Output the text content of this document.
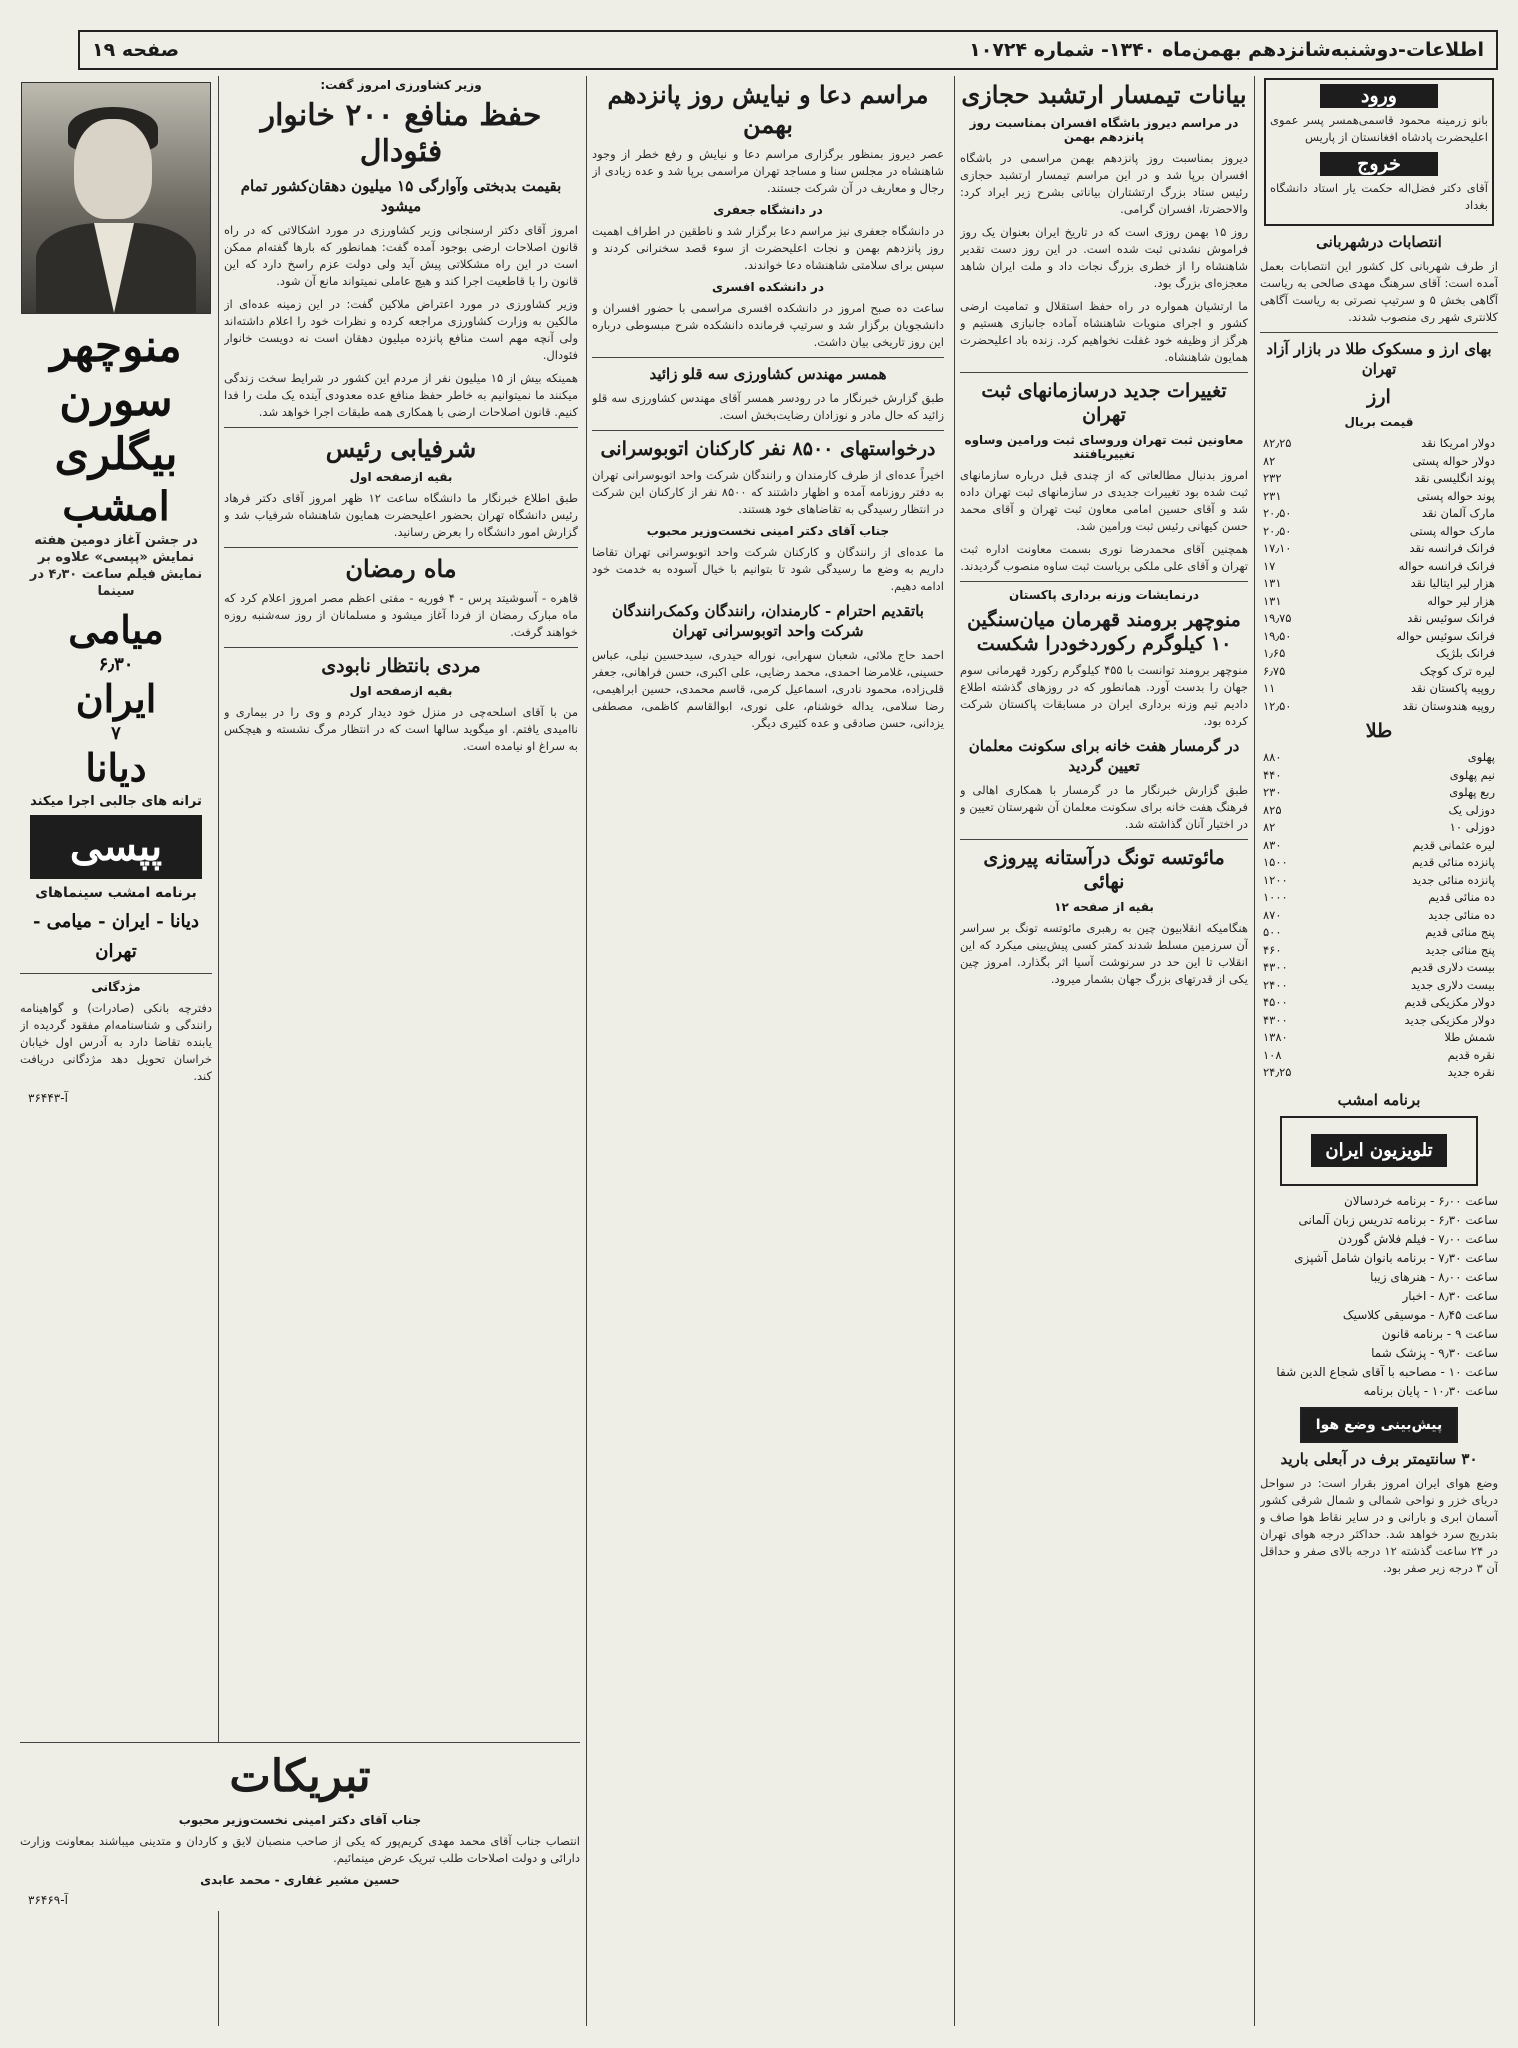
اطلاعات-دوشنبه‌شانزدهم بهمن‌ماه ۱۳۴۰- شماره ۱۰۷۲۴
صفحه ۱۹
ورود

بانو زرمینه محمود قاسمی‌همسر پسر عموی اعلیحضرت پادشاه افغانستان از پاریس

خروج

آقای دکتر فضل‌اله حکمت یار استاد دانشگاه بغداد

انتصابات درشهربانی

از طرف شهربانی کل کشور این انتصابات بعمل آمده است: آقای سرهنگ مهدی صالحی به ریاست آگاهی بخش ۵ و سرتیپ نصرتی به ریاست آگاهی کلانتری شهر ری منصوب شدند.

بهای ارز و مسکوک طلا در بازار آزاد تهران
ارز
قیمت بریال
دولار امریکا نقد	۸۲٫۲۵
دولار حواله پستی	۸۲
پوند انگلیسی نقد	۲۳۲
پوند حواله پستی	۲۳۱
مارک آلمان نقد	۲۰٫۵۰
مارک حواله پستی	۲۰٫۵۰
فرانک فرانسه نقد	۱۷٫۱۰
فرانک فرانسه حواله	۱۷
هزار لیر ایتالیا نقد	۱۳۱
هزار لیر حواله	۱۳۱
فرانک سوئیس نقد	۱۹٫۷۵
فرانک سوئیس حواله	۱۹٫۵۰
فرانک بلژیک	۱٫۶۵
لیره ترک کوچک	۶٫۷۵
روپیه پاکستان نقد	۱۱
روپیه هندوستان نقد	۱۲٫۵۰
طلا
پهلوی	۸۸۰
نیم پهلوی	۴۴۰
ربع پهلوی	۲۳۰
دوزلی یک	۸۲۵
دوزلی ۱۰	۸۲
لیره عثمانی قدیم	۸۳۰
پانزده منائی قدیم	۱۵۰۰
پانزده منائی جدید	۱۲۰۰
ده منائی قدیم	۱۰۰۰
ده منائی جدید	۸۷۰
پنج منائی قدیم	۵۰۰
پنج منائی جدید	۴۶۰
بیست دلاری قدیم	۴۳۰۰
بیست دلاری جدید	۲۴۰۰
دولار مکزیکی قدیم	۴۵۰۰
دولار مکزیکی جدید	۴۳۰۰
شمش طلا	۱۳۸۰
نقره قدیم	۱۰۸
نقره جدید	۲۴٫۲۵
برنامه امشب
تلویزیون ایران
ساعت ۶٫۰۰ - برنامه خردسالان
ساعت ۶٫۳۰ - برنامه تدریس زبان آلمانی
ساعت ۷٫۰۰ - فیلم فلاش گوردن
ساعت ۷٫۳۰ - برنامه بانوان شامل آشپزی
ساعت ۸٫۰۰ - هنرهای زیبا
ساعت ۸٫۳۰ - اخبار
ساعت ۸٫۴۵ - موسیقی کلاسیک
ساعت ۹ - برنامه قانون
ساعت ۹٫۳۰ - پزشک شما
ساعت ۱۰ - مصاحبه با آقای شجاع الدین شفا
ساعت ۱۰٫۳۰ - پایان برنامه
پیش‌بینی وضع هوا
۳۰ سانتیمتر برف در آبعلی بارید

وضع هوای ایران امروز بقرار است: در سواحل دریای خزر و نواحی شمالی و شمال شرقی کشور آسمان ابری و بارانی و در سایر نقاط هوا صاف و بتدریج سرد خواهد شد. حداکثر درجه هوای تهران در ۲۴ ساعت گذشته ۱۲ درجه بالای صفر و حداقل آن ۳ درجه زیر صفر بود.

بیانات تیمسار ارتشبد حجازی
در مراسم دیروز باشگاه افسران بمناسبت روز پانزدهم بهمن

دیروز بمناسبت روز پانزدهم بهمن مراسمی در باشگاه افسران برپا شد و در این مراسم تیمسار ارتشبد حجازی رئیس ستاد بزرگ ارتشتاران بیاناتی بشرح زیر ایراد کرد: والاحضرتا، افسران گرامی.

روز ۱۵ بهمن روزی است که در تاریخ ایران بعنوان یک روز فراموش نشدنی ثبت شده است. در این روز دست تقدیر شاهنشاه را از خطری بزرگ نجات داد و ملت ایران شاهد معجزه‌ای بزرگ بود.

ما ارتشیان همواره در راه حفظ استقلال و تمامیت ارضی کشور و اجرای منویات شاهنشاه آماده جانبازی هستیم و هرگز از وظیفه خود غفلت نخواهیم کرد. زنده باد اعلیحضرت همایون شاهنشاه.

تغییرات جدید درسازمانهای ثبت تهران
معاونین ثبت تهران وروسای ثبت ورامین وساوه تغییریافتند

امروز بدنبال مطالعاتی که از چندی قبل درباره سازمانهای ثبت شده بود تغییرات جدیدی در سازمانهای ثبت تهران داده شد و آقای حسین امامی معاون ثبت تهران و آقای محمد حسن کیهانی رئیس ثبت ورامین شد.

همچنین آقای محمدرضا نوری بسمت معاونت اداره ثبت تهران و آقای علی ملکی بریاست ثبت ساوه منصوب گردیدند.

درنمایشات وزنه برداری پاکستان
منوچهر برومند قهرمان میان‌سنگین ۱۰ کیلوگرم رکوردخودرا شکست

منوچهر برومند توانست با ۴۵۵ کیلوگرم رکورد قهرمانی سوم جهان را بدست آورد. همانطور که در روزهای گذشته اطلاع دادیم تیم وزنه برداری ایران در مسابقات پاکستان شرکت کرده بود.

در گرمسار هفت خانه برای سکونت معلمان تعیین گردید

طبق گزارش خبرنگار ما در گرمسار با همکاری اهالی و فرهنگ هفت خانه برای سکونت معلمان آن شهرستان تعیین و در اختیار آنان گذاشته شد.

مائوتسه تونگ درآستانه پیروزی نهائی
بقیه از صفحه ۱۲

هنگامیکه انقلابیون چین به رهبری مائوتسه تونگ بر سراسر آن سرزمین مسلط شدند کمتر کسی پیش‌بینی میکرد که این انقلاب تا این حد در سرنوشت آسیا اثر بگذارد. امروز چین یکی از قدرتهای بزرگ جهان بشمار میرود.

مراسم دعا و نیایش روز پانزدهم بهمن

عصر دیروز بمنظور برگزاری مراسم دعا و نیایش و رفع خطر از وجود شاهنشاه در مجلس سنا و مساجد تهران مراسمی برپا شد و عده زیادی از رجال و معاریف در آن شرکت جستند.

در دانشگاه جعفری

در دانشگاه جعفری نیز مراسم دعا برگزار شد و ناطقین در اطراف اهمیت روز پانزدهم بهمن و نجات اعلیحضرت از سوء قصد سخنرانی کردند و سپس برای سلامتی شاهنشاه دعا خواندند.

در دانشکده افسری

ساعت ده صبح امروز در دانشکده افسری مراسمی با حضور افسران و دانشجویان برگزار شد و سرتیپ فرمانده دانشکده شرح مبسوطی درباره این روز تاریخی بیان داشت.

همسر مهندس کشاورزی سه قلو زائید

طبق گزارش خبرنگار ما در رودسر همسر آقای مهندس کشاورزی سه قلو زائید که حال مادر و نوزادان رضایت‌بخش است.

درخواستهای ۸۵۰۰ نفر کارکنان اتوبوسرانی

اخیراً عده‌ای از طرف کارمندان و رانندگان شرکت واحد اتوبوسرانی تهران به دفتر روزنامه آمده و اظهار داشتند که ۸۵۰۰ نفر از کارکنان این شرکت در انتظار رسیدگی به تقاضاهای خود هستند.

جناب آقای دکتر امینی نخست‌وزیر محبوب

ما عده‌ای از رانندگان و کارکنان شرکت واحد اتوبوسرانی تهران تقاضا داریم به وضع ما رسیدگی شود تا بتوانیم با خیال آسوده به خدمت خود ادامه دهیم.

باتقدیم احترام - کارمندان، رانندگان وکمک‌رانندگان شرکت واحد اتوبوسرانی تهران

احمد حاج ملائی، شعبان سهرابی، نوراله حیدری، سیدحسین نیلی، عباس حسینی، غلامرضا احمدی، محمد رضایی، علی اکبری، حسن فراهانی، جعفر قلی‌زاده، محمود نادری، اسماعیل کرمی، قاسم محمدی، حسین ابراهیمی، رضا سلامی، یداله خوشنام، علی نوری، ابوالقاسم کاظمی، مصطفی یزدانی، حسن صادقی و عده کثیری دیگر.

وزیر کشاورزی امروز گفت:
حفظ منافع ۲۰۰ خانوار فئودال
بقیمت بدبختی وآوارگی ۱۵ میلیون دهقان‌کشور تمام میشود

امروز آقای دکتر ارسنجانی وزیر کشاورزی در مورد اشکالاتی که در راه قانون اصلاحات ارضی بوجود آمده گفت: همانطور که بارها گفته‌ام ممکن است در این راه مشکلاتی پیش آید ولی دولت عزم راسخ دارد که این قانون را با قاطعیت اجرا کند و هیچ عاملی نمیتواند مانع آن شود.

وزیر کشاورزی در مورد اعتراض ملاکین گفت: در این زمینه عده‌ای از مالکین به وزارت کشاورزی مراجعه کرده و نظرات خود را اعلام داشته‌اند ولی آنچه مهم است منافع پانزده میلیون دهقان است نه دویست خانوار فئودال.

همینکه بیش از ۱۵ میلیون نفر از مردم این کشور در شرایط سخت زندگی میکنند ما نمیتوانیم به خاطر حفظ منافع عده معدودی آینده یک ملت را فدا کنیم. قانون اصلاحات ارضی با همکاری همه طبقات اجرا خواهد شد.

شرفیابی رئیس
بقیه ازصفحه اول

طبق اطلاع خبرنگار ما دانشگاه ساعت ۱۲ ظهر امروز آقای دکتر فرهاد رئیس دانشگاه تهران بحضور اعلیحضرت همایون شاهنشاه شرفیاب شد و گزارش امور دانشگاه را بعرض رسانید.

ماه رمضان

قاهره - آسوشیتد پرس - ۴ فوریه - مفتی اعظم مصر امروز اعلام کرد که ماه مبارک رمضان از فردا آغاز میشود و مسلمانان از روز سه‌شنبه روزه خواهند گرفت.

مردی بانتظار نابودی
بقیه ازصفحه اول

من با آقای اسلحه‌چی در منزل خود دیدار کردم و وی را در بیماری و ناامیدی یافتم. او میگوید سالها است که در انتظار مرگ نشسته و هیچکس به سراغ او نیامده است.

منوچهر
سورن
بیگلری
امشب

در جشن آغاز دومین هفته نمایش «پپسی» علاوه بر نمایش فیلم ساعت ۴٫۳۰ در سینما

میامی
۶٫۳۰
ایران
۷
دیانا
ترانه های جالبی اجرا میکند
پپسی
برنامه امشب سینماهای
دیانا - ایران - میامی - تهران
مژدگانی

دفترچه بانکی (صادرات) و گواهینامه رانندگی و شناسنامه‌ام مفقود گردیده از یابنده تقاضا دارد به آدرس اول خیابان خراسان تحویل دهد مژدگانی دریافت کند.

آ-۳۶۴۴۳
تبریکات
جناب آقای دکتر امینی نخست‌وزیر محبوب

انتصاب جناب آقای محمد مهدی کریم‌پور که یکی از صاحب منصبان لایق و کاردان و متدینی میباشند بمعاونت وزارت دارائی و دولت اصلاحات طلب تبریک عرض مینمائیم.

حسین مشیر غفاری - محمد عابدی
آ-۳۶۴۶۹
